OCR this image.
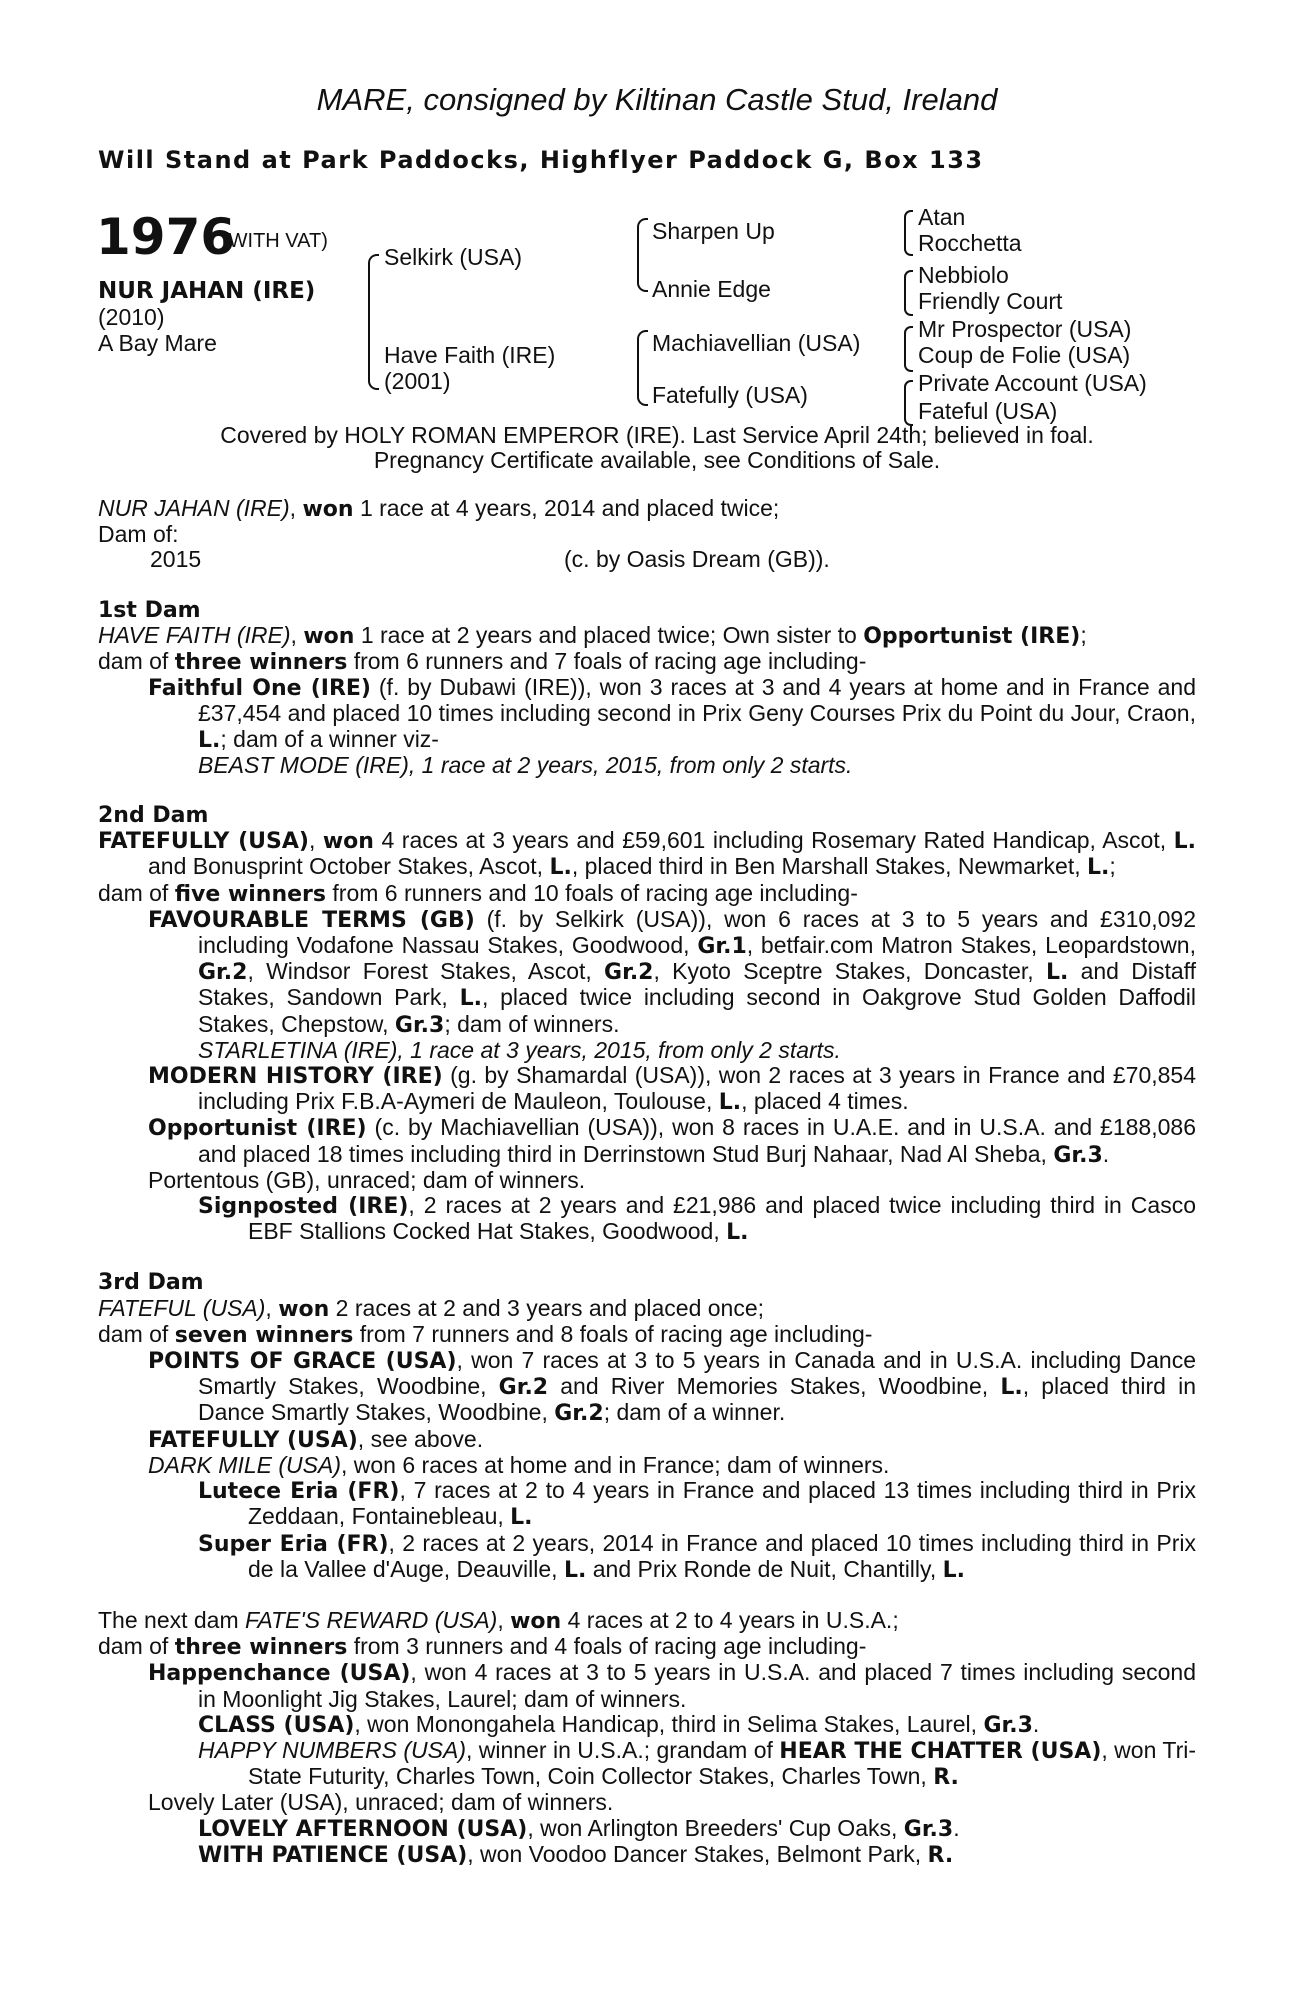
MARE, consigned by Kiltinan Castle Stud, Ireland
Will Stand at Park Paddocks, Highflyer Paddock G, Box 133
1976
(WITH VAT)
NUR JAHAN (IRE)
(2010)
A Bay Mare
Selkirk (USA)
Have Faith (IRE)
(2001)
Sharpen Up
Annie Edge
Machiavellian (USA)
Fatefully (USA)
Atan
Rocchetta
Nebbiolo
Friendly Court
Mr Prospector (USA)
Coup de Folie (USA)
Private Account (USA)
Fateful (USA)
Covered by HOLY ROMAN EMPEROR (IRE). Last Service April 24th; believed in foal.
Pregnancy Certificate available, see Conditions of Sale.

NUR JAHAN (IRE), won 1 race at 4 years, 2014 and placed twice;

Dam of:

2015	(c. by Oasis Dream (GB)).

1st Dam

HAVE FAITH (IRE), won 1 race at 2 years and placed twice; Own sister to Opportunist (IRE);

dam of three winners from 6 runners and 7 foals of racing age including-

Faithful One (IRE) (f. by Dubawi (IRE)), won 3 races at 3 and 4 years at home and in France and £37,454 and placed 10 times including second in Prix Geny Courses Prix du Point du Jour, Craon, L.; dam of a winner viz-

BEAST MODE (IRE), 1 race at 2 years, 2015, from only 2 starts.

2nd Dam

FATEFULLY (USA), won 4 races at 3 years and £59,601 including Rosemary Rated Handicap, Ascot, L. and Bonusprint October Stakes, Ascot, L., placed third in Ben Marshall Stakes, Newmarket, L.;

dam of five winners from 6 runners and 10 foals of racing age including-

FAVOURABLE TERMS (GB) (f. by Selkirk (USA)), won 6 races at 3 to 5 years and £310,092 including Vodafone Nassau Stakes, Goodwood, Gr.1, betfair.com Matron Stakes, Leopardstown, Gr.2, Windsor Forest Stakes, Ascot, Gr.2, Kyoto Sceptre Stakes, Doncaster, L. and Distaff Stakes, Sandown Park, L., placed twice including second in Oakgrove Stud Golden Daffodil Stakes, Chepstow, Gr.3; dam of winners.

STARLETINA (IRE), 1 race at 3 years, 2015, from only 2 starts.

MODERN HISTORY (IRE) (g. by Shamardal (USA)), won 2 races at 3 years in France and £70,854 including Prix F.B.A-Aymeri de Mauleon, Toulouse, L., placed 4 times.

Opportunist (IRE) (c. by Machiavellian (USA)), won 8 races in U.A.E. and in U.S.A. and £188,086 and placed 18 times including third in Derrinstown Stud Burj Nahaar, Nad Al Sheba, Gr.3.

Portentous (GB), unraced; dam of winners.

Signposted (IRE), 2 races at 2 years and £21,986 and placed twice including third in Casco EBF Stallions Cocked Hat Stakes, Goodwood, L.

3rd Dam

FATEFUL (USA), won 2 races at 2 and 3 years and placed once;

dam of seven winners from 7 runners and 8 foals of racing age including-

POINTS OF GRACE (USA), won 7 races at 3 to 5 years in Canada and in U.S.A. including Dance Smartly Stakes, Woodbine, Gr.2 and River Memories Stakes, Woodbine, L., placed third in Dance Smartly Stakes, Woodbine, Gr.2; dam of a winner.

FATEFULLY (USA), see above.

DARK MILE (USA), won 6 races at home and in France; dam of winners.

Lutece Eria (FR), 7 races at 2 to 4 years in France and placed 13 times including third in Prix Zeddaan, Fontainebleau, L.

Super Eria (FR), 2 races at 2 years, 2014 in France and placed 10 times including third in Prix de la Vallee d'Auge, Deauville, L. and Prix Ronde de Nuit, Chantilly, L.

The next dam FATE'S REWARD (USA), won 4 races at 2 to 4 years in U.S.A.;

dam of three winners from 3 runners and 4 foals of racing age including-

Happenchance (USA), won 4 races at 3 to 5 years in U.S.A. and placed 7 times including second in Moonlight Jig Stakes, Laurel; dam of winners.

CLASS (USA), won Monongahela Handicap, third in Selima Stakes, Laurel, Gr.3.

HAPPY NUMBERS (USA), winner in U.S.A.; grandam of HEAR THE CHATTER (USA), won Tri-State Futurity, Charles Town, Coin Collector Stakes, Charles Town, R.

Lovely Later (USA), unraced; dam of winners.

LOVELY AFTERNOON (USA), won Arlington Breeders' Cup Oaks, Gr.3.

WITH PATIENCE (USA), won Voodoo Dancer Stakes, Belmont Park, R.
